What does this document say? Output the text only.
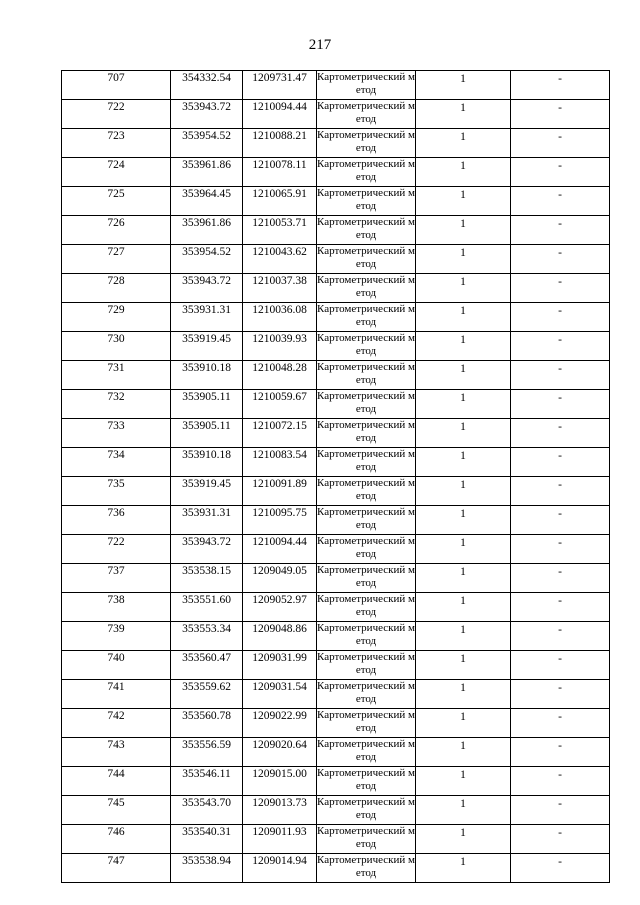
217
707	354332.54	1209731.47	Картометрический метод	1	-
722	353943.72	1210094.44	Картометрический метод	1	-
723	353954.52	1210088.21	Картометрический метод	1	-
724	353961.86	1210078.11	Картометрический метод	1	-
725	353964.45	1210065.91	Картометрический метод	1	-
726	353961.86	1210053.71	Картометрический метод	1	-
727	353954.52	1210043.62	Картометрический метод	1	-
728	353943.72	1210037.38	Картометрический метод	1	-
729	353931.31	1210036.08	Картометрический метод	1	-
730	353919.45	1210039.93	Картометрический метод	1	-
731	353910.18	1210048.28	Картометрический метод	1	-
732	353905.11	1210059.67	Картометрический метод	1	-
733	353905.11	1210072.15	Картометрический метод	1	-
734	353910.18	1210083.54	Картометрический метод	1	-
735	353919.45	1210091.89	Картометрический метод	1	-
736	353931.31	1210095.75	Картометрический метод	1	-
722	353943.72	1210094.44	Картометрический метод	1	-
737	353538.15	1209049.05	Картометрический метод	1	-
738	353551.60	1209052.97	Картометрический метод	1	-
739	353553.34	1209048.86	Картометрический метод	1	-
740	353560.47	1209031.99	Картометрический метод	1	-
741	353559.62	1209031.54	Картометрический метод	1	-
742	353560.78	1209022.99	Картометрический метод	1	-
743	353556.59	1209020.64	Картометрический метод	1	-
744	353546.11	1209015.00	Картометрический метод	1	-
745	353543.70	1209013.73	Картометрический метод	1	-
746	353540.31	1209011.93	Картометрический метод	1	-
747	353538.94	1209014.94	Картометрический метод	1	-
